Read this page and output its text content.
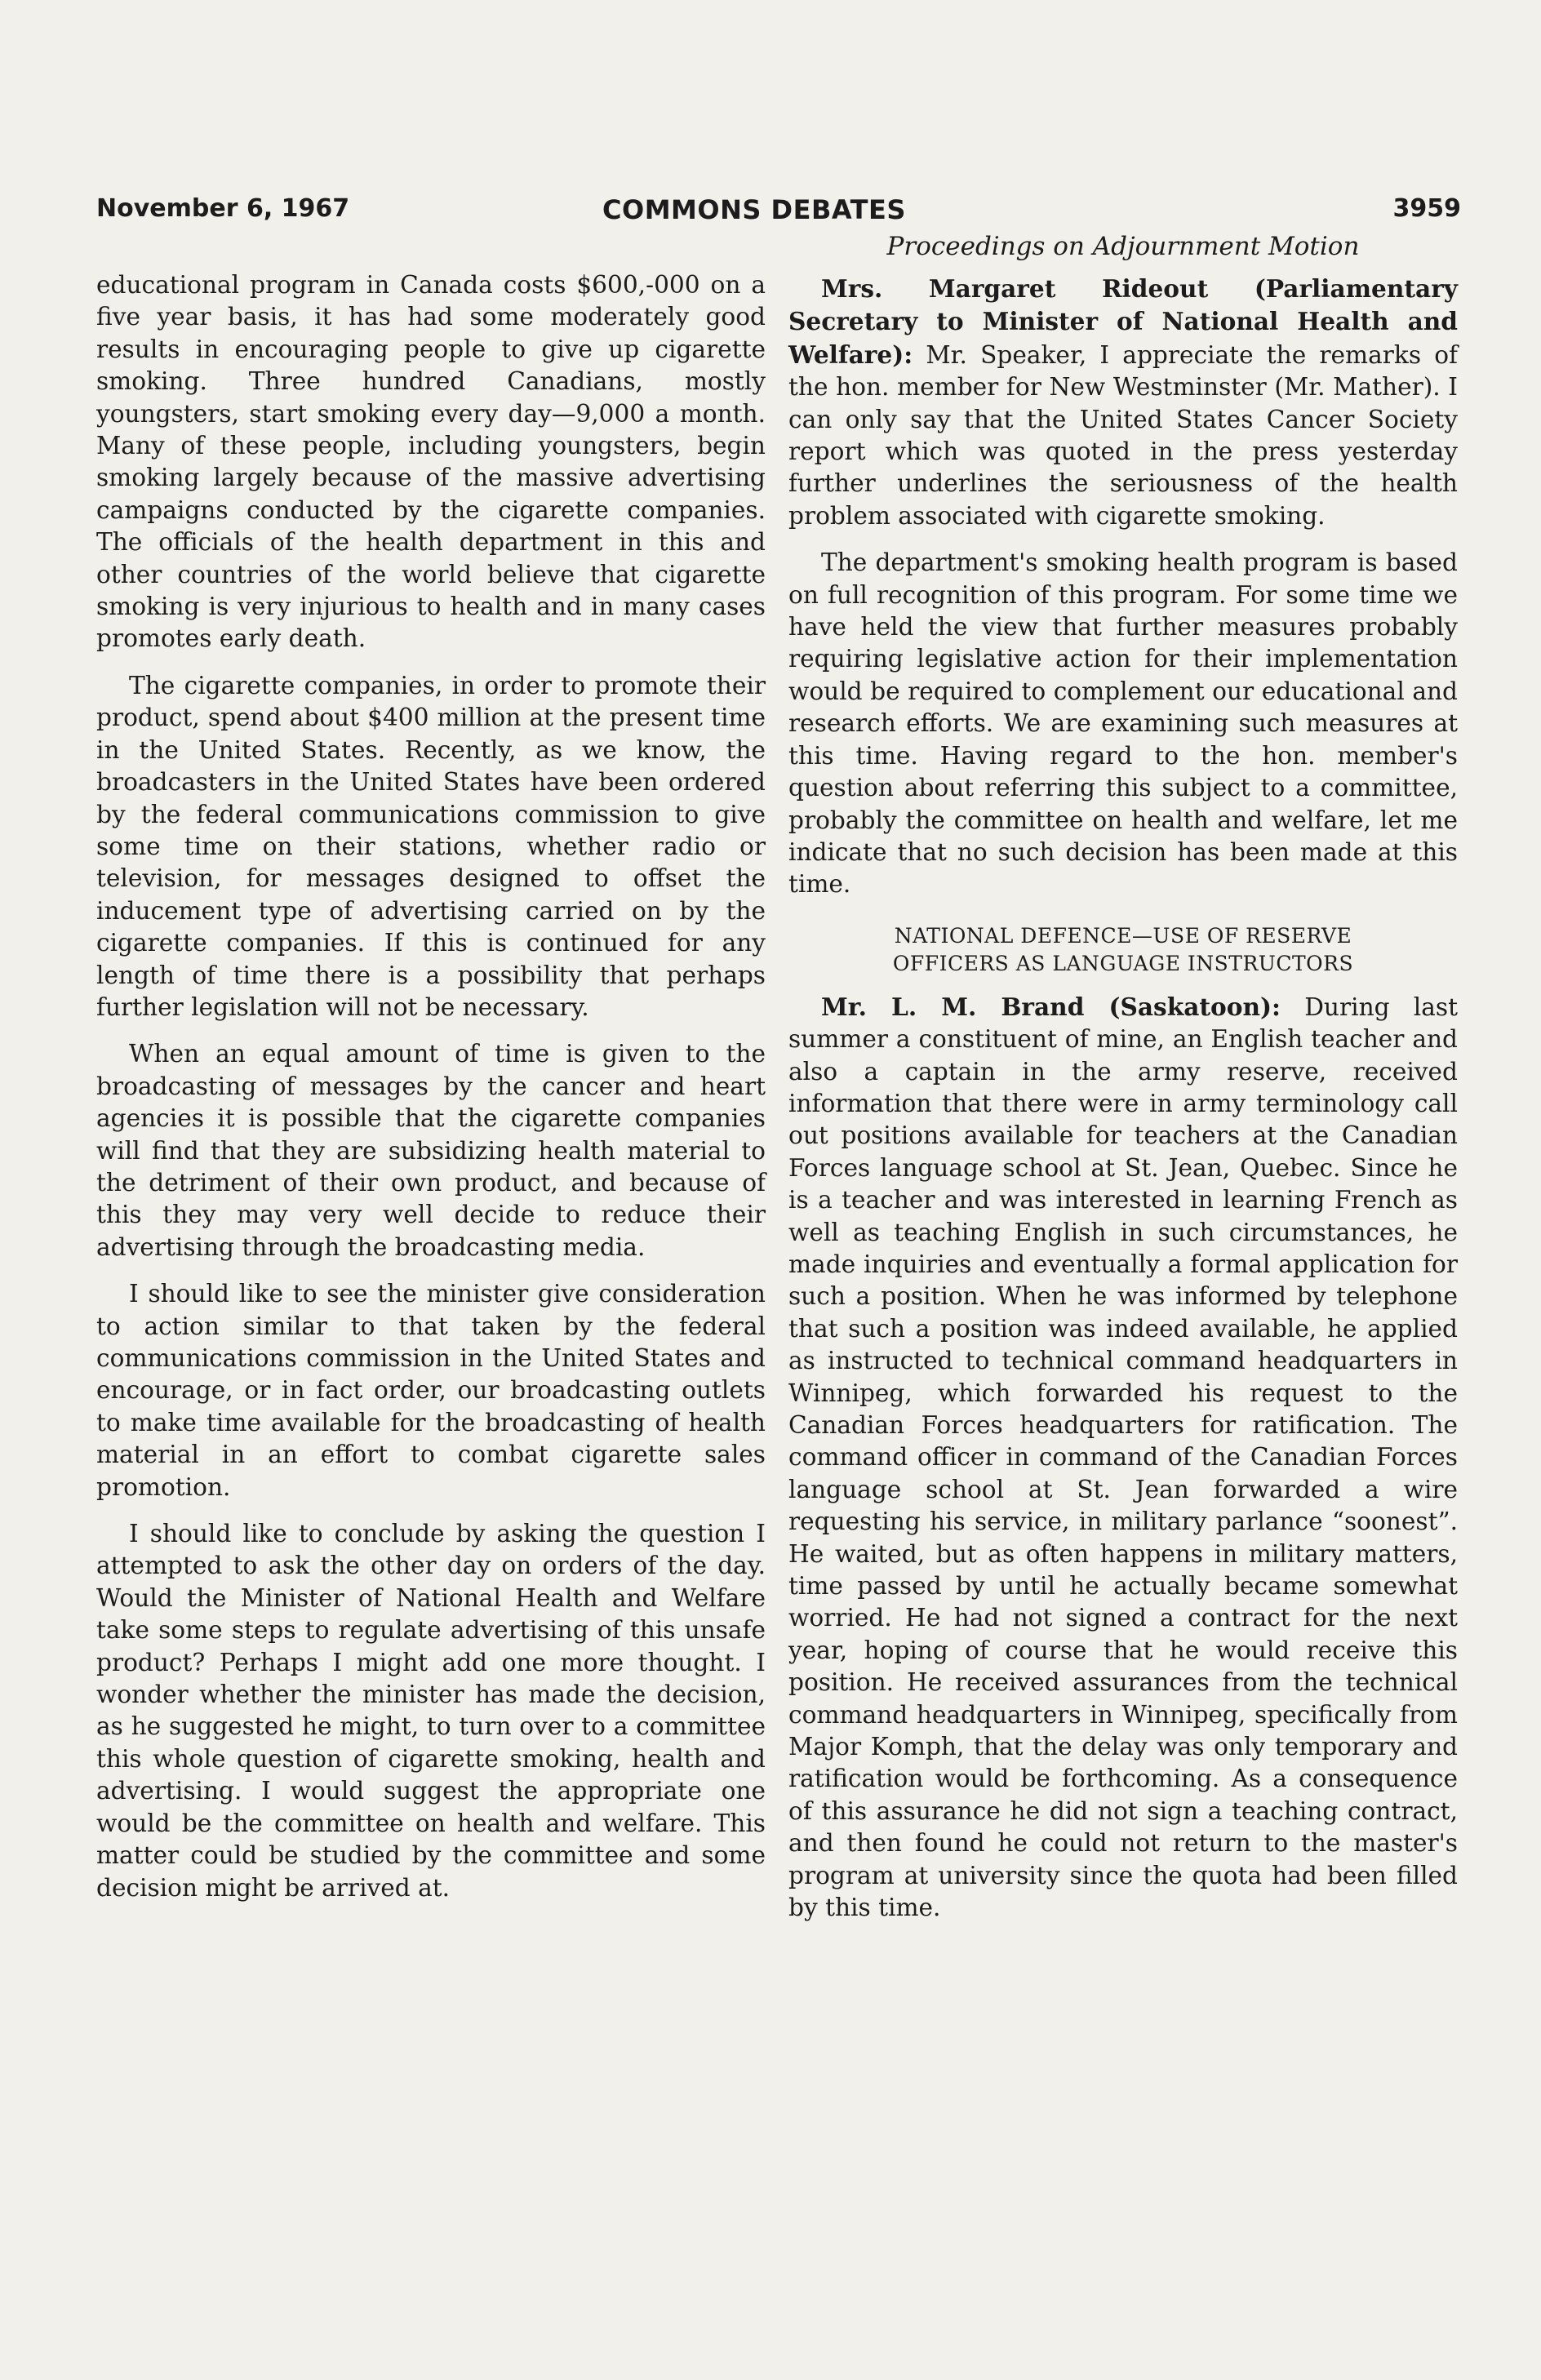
November 6, 1967	COMMONS DEBATES	3959

educational program in Canada costs $600,-000 on a five year basis, it has had some moderately good results in encouraging people to give up cigarette smoking. Three hundred Canadians, mostly youngsters, start smoking every day—9,000 a month. Many of these people, including youngsters, begin smoking largely because of the massive advertising campaigns conducted by the cigarette companies. The officials of the health department in this and other countries of the world believe that cigarette smoking is very injurious to health and in many cases promotes early death.

The cigarette companies, in order to promote their product, spend about $400 million at the present time in the United States. Recently, as we know, the broadcasters in the United States have been ordered by the federal communications commission to give some time on their stations, whether radio or television, for messages designed to offset the inducement type of advertising carried on by the cigarette companies. If this is continued for any length of time there is a possibility that perhaps further legislation will not be necessary.

When an equal amount of time is given to the broadcasting of messages by the cancer and heart agencies it is possible that the cigarette companies will find that they are subsidizing health material to the detriment of their own product, and because of this they may very well decide to reduce their advertising through the broadcasting media.

I should like to see the minister give consideration to action similar to that taken by the federal communications commission in the United States and encourage, or in fact order, our broadcasting outlets to make time available for the broadcasting of health material in an effort to combat cigarette sales promotion.

I should like to conclude by asking the question I attempted to ask the other day on orders of the day. Would the Minister of National Health and Welfare take some steps to regulate advertising of this unsafe product? Perhaps I might add one more thought. I wonder whether the minister has made the decision, as he suggested he might, to turn over to a committee this whole question of cigarette smoking, health and advertising. I would suggest the appropriate one would be the committee on health and welfare. This matter could be studied by the committee and some decision might be arrived at.

Proceedings on Adjournment Motion

Mrs. Margaret Rideout (Parliamentary Secretary to Minister of National Health and Welfare): Mr. Speaker, I appreciate the remarks of the hon. member for New Westminster (Mr. Mather). I can only say that the United States Cancer Society report which was quoted in the press yesterday further underlines the seriousness of the health problem associated with cigarette smoking.

The department's smoking health program is based on full recognition of this program. For some time we have held the view that further measures probably requiring legislative action for their implementation would be required to complement our educational and research efforts. We are examining such measures at this time. Having regard to the hon. member's question about referring this subject to a committee, probably the committee on health and welfare, let me indicate that no such decision has been made at this time.

NATIONAL DEFENCE—USE OF RESERVE
OFFICERS AS LANGUAGE INSTRUCTORS

Mr. L. M. Brand (Saskatoon): During last summer a constituent of mine, an English teacher and also a captain in the army reserve, received information that there were in army terminology call out positions available for teachers at the Canadian Forces language school at St. Jean, Quebec. Since he is a teacher and was interested in learning French as well as teaching English in such circumstances, he made inquiries and eventually a formal application for such a position. When he was informed by telephone that such a position was indeed available, he applied as instructed to technical command headquarters in Winnipeg, which forwarded his request to the Canadian Forces headquarters for ratification. The command officer in command of the Canadian Forces language school at St. Jean forwarded a wire requesting his service, in military parlance “soonest”. He waited, but as often happens in military matters, time passed by until he actually became somewhat worried. He had not signed a contract for the next year, hoping of course that he would receive this position. He received assurances from the technical command headquarters in Winnipeg, specifically from Major Komph, that the delay was only temporary and ratification would be forthcoming. As a consequence of this assurance he did not sign a teaching contract, and then found he could not return to the master's program at university since the quota had been filled by this time.
